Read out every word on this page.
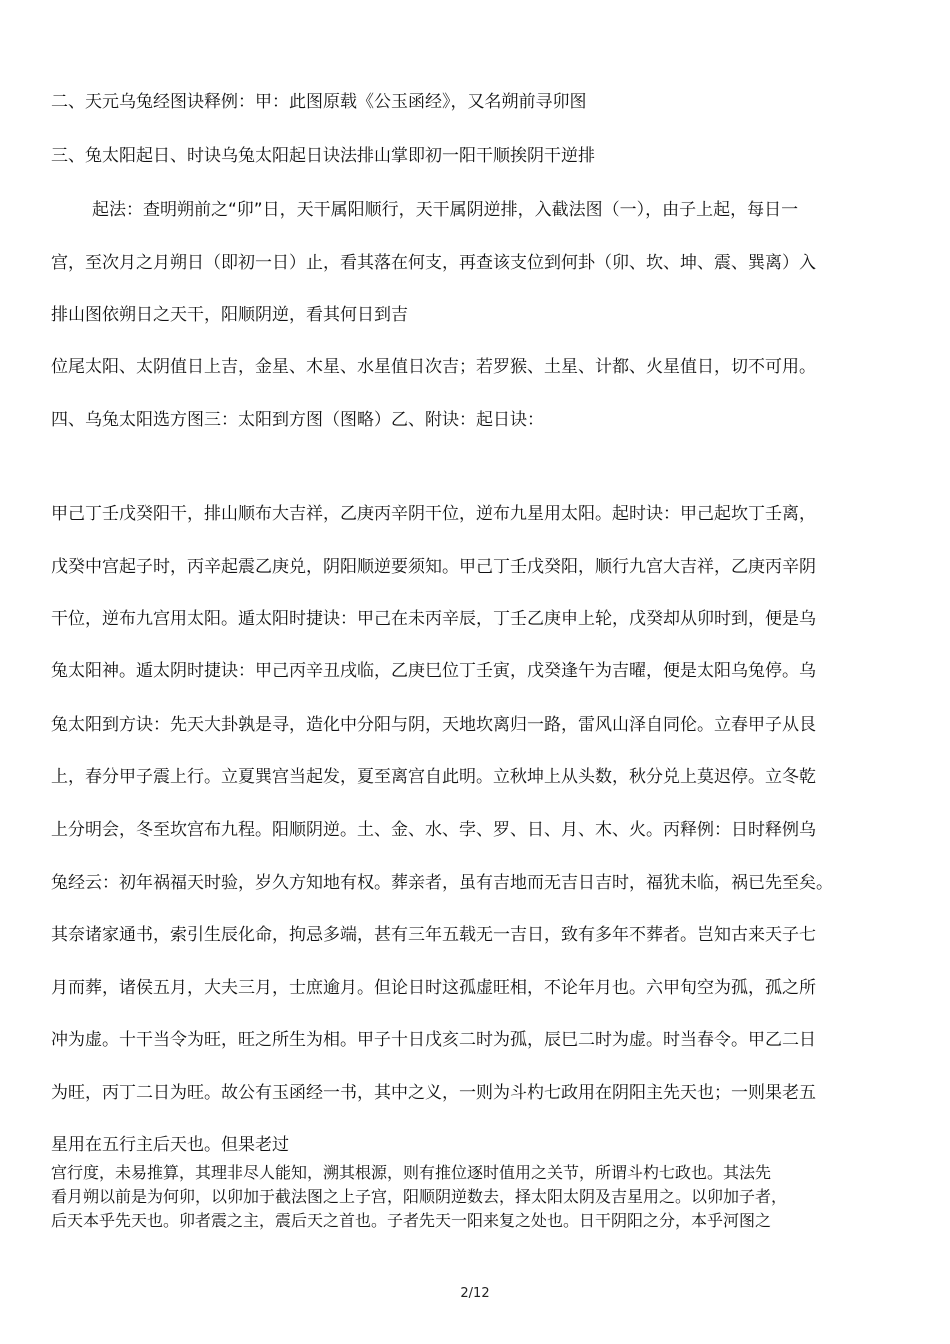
二、天元乌兔经图诀释例：甲：此图原载《公玉函经》，又名朔前寻卯图
三、兔太阳起日、时诀乌兔太阳起日诀法排山掌即初一阳干顺挨阴干逆排
起法：查明朔前之“卯”日，天干属阳顺行，天干属阴逆排，入截法图（一），由子上起，每日一
宫，至次月之月朔日（即初一日）止，看其落在何支，再查该支位到何卦（卯、坎、坤、震、巽离）入
排山图依朔日之天干，阳顺阴逆，看其何日到吉
位尾太阳、太阴值日上吉，金星、木星、水星值日次吉；若罗猴、土星、计都、火星值日，切不可用。
四、乌兔太阳选方图三：太阳到方图（图略）乙、附诀：起日诀：
甲己丁壬戊癸阳干，排山顺布大吉祥，乙庚丙辛阴干位，逆布九星用太阳。起时诀：甲己起坎丁壬离，
戊癸中宫起子时，丙辛起震乙庚兑，阴阳顺逆要须知。甲己丁壬戊癸阳，顺行九宫大吉祥，乙庚丙辛阴
干位，逆布九宫用太阳。遁太阳时捷诀：甲己在未丙辛辰，丁壬乙庚申上轮，戊癸却从卯时到，便是乌
兔太阳神。遁太阴时捷诀：甲己丙辛丑戌临，乙庚巳位丁壬寅，戊癸逢午为吉曜，便是太阳乌兔停。乌
兔太阳到方诀：先天大卦孰是寻，造化中分阳与阴，天地坎离归一路，雷风山泽自同伦。立春甲子从艮
上，春分甲子震上行。立夏巽宫当起发，夏至离宫自此明。立秋坤上从头数，秋分兑上莫迟停。立冬乾
上分明会，冬至坎宫布九程。阳顺阴逆。土、金、水、孛、罗、日、月、木、火。丙释例：日时释例乌
兔经云：初年祸福天时验，岁久方知地有权。葬亲者，虽有吉地而无吉日吉时，福犹未临，祸已先至矣。
其奈诸家通书，索引生辰化命，拘忌多端，甚有三年五载无一吉日，致有多年不葬者。岂知古来天子七
月而葬，诸侯五月，大夫三月，士庶逾月。但论日时这孤虚旺相，不论年月也。六甲旬空为孤，孤之所
冲为虚。十干当令为旺，旺之所生为相。甲子十日戊亥二时为孤，辰巳二时为虚。时当春令。甲乙二日
为旺，丙丁二日为旺。故公有玉函经一书，其中之义，一则为斗杓七政用在阴阳主先天也；一则果老五
星用在五行主后天也。但果老过
宫行度，未易推算，其理非尽人能知，溯其根源，则有推位逐时值用之关节，所谓斗杓七政也。其法先
看月朔以前是为何卯，以卯加于截法图之上子宫，阳顺阴逆数去，择太阳太阴及吉星用之。以卯加子者，
后天本乎先天也。卯者震之主，震后天之首也。子者先天一阳来复之处也。日干阴阳之分，本乎河图之
2/12
